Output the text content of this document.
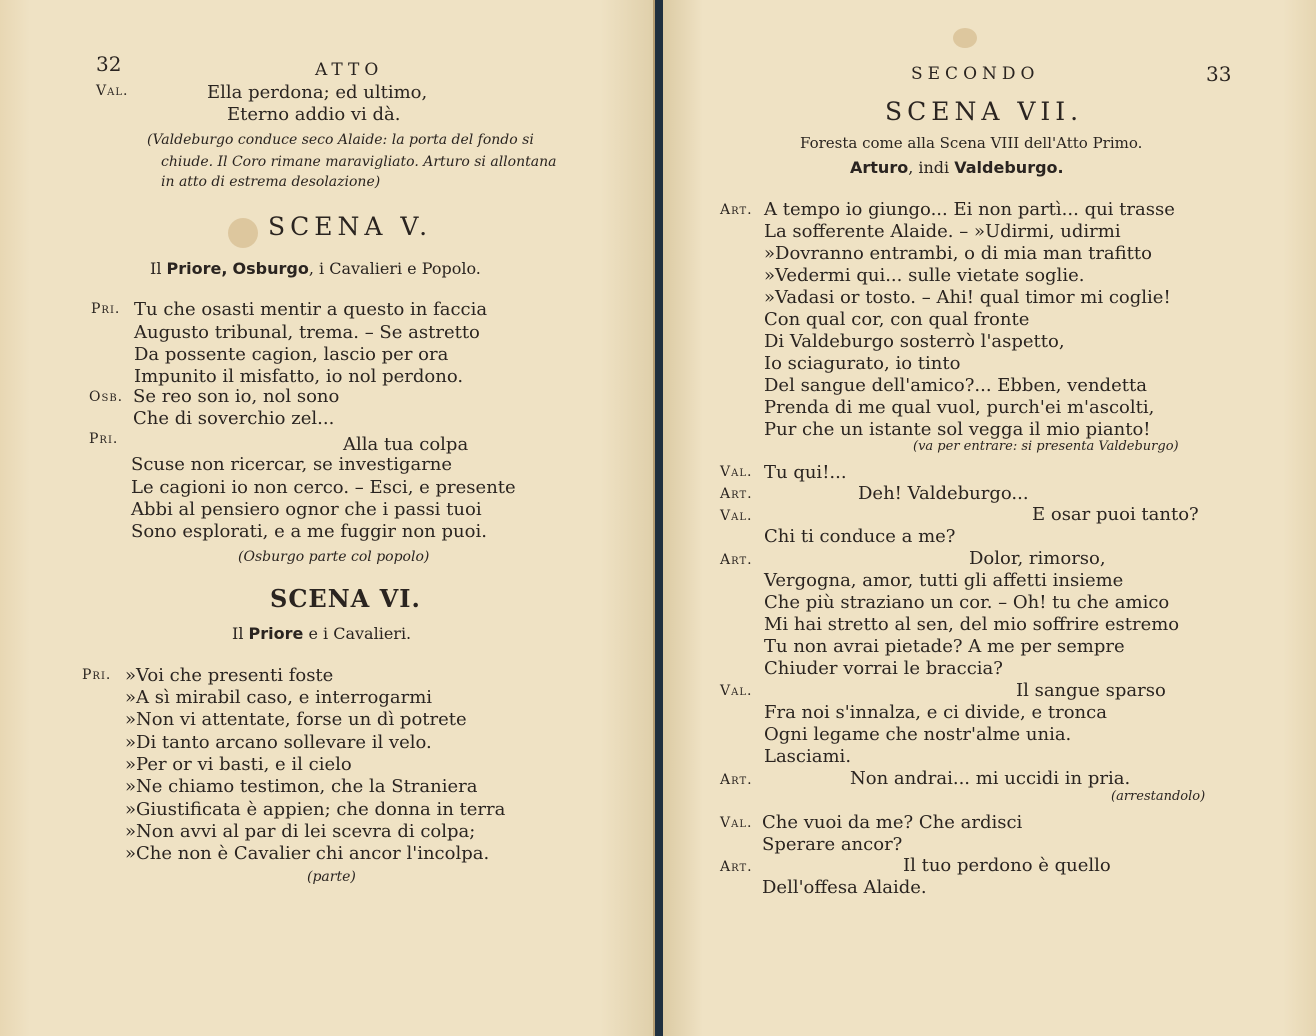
32	ATTO
Val.	Ella perdona; ed ultimo,
Eterno addio vi dà.
(Valdeburgo conduce seco Alaide: la porta del fondo si
chiude. Il Coro rimane maravigliato. Arturo si allontana
in atto di estrema desolazione)
SCENA V.
Il Priore, Osburgo, i Cavalieri e Popolo.
Pri. Tu che osasti mentir a questo in faccia
Augusto tribunal, trema. – Se astretto
Da possente cagion, lascio per ora
Impunito il misfatto, io nol perdono.
Osb. Se reo son io, nol sono
Che di soverchio zel...
Pri.	Alla tua colpa
Scuse non ricercar, se investigarne
Le cagioni io non cerco. – Esci, e presente
Abbi al pensiero ognor che i passi tuoi
Sono esplorati, e a me fuggir non puoi.
(Osburgo parte col popolo)
SCENA VI.
Il Priore e i Cavalieri.
Pri. »Voi che presenti foste
»A sì mirabil caso, e interrogarmi
»Non vi attentate, forse un dì potrete
»Di tanto arcano sollevare il velo.
»Per or vi basti, e il cielo
»Ne chiamo testimon, che la Straniera
»Giustificata è appien; che donna in terra
»Non avvi al par di lei scevra di colpa;
»Che non è Cavalier chi ancor l'incolpa.
(parte)
SECONDO	33
SCENA VII.
Foresta come alla Scena VIII dell'Atto Primo.
Arturo, indi Valdeburgo.
Art. A tempo io giungo... Ei non partì... qui trasse
La sofferente Alaide. – »Udirmi, udirmi
»Dovranno entrambi, o di mia man trafitto
»Vedermi qui... sulle vietate soglie.
»Vadasi or tosto. – Ahi! qual timor mi coglie!
Con qual cor, con qual fronte
Di Valdeburgo sosterrò l'aspetto,
Io sciagurato, io tinto
Del sangue dell'amico?... Ebben, vendetta
Prenda di me qual vuol, purch'ei m'ascolti,
Pur che un istante sol vegga il mio pianto!
(va per entrare: si presenta Valdeburgo)
Val. Tu qui!...
Art.	Deh! Valdeburgo...
Val.	E osar puoi tanto?
Chi ti conduce a me?
Art.	Dolor, rimorso,
Vergogna, amor, tutti gli affetti insieme
Che più straziano un cor. – Oh! tu che amico
Mi hai stretto al sen, del mio soffrire estremo
Tu non avrai pietade? A me per sempre
Chiuder vorrai le braccia?
Val.	Il sangue sparso
Fra noi s'innalza, e ci divide, e tronca
Ogni legame che nostr'alme unia.
Lasciami.
Art.	Non andrai... mi uccidi in pria.
(arrestandolo)
Val. Che vuoi da me? Che ardisci
Sperare ancor?
Art.	Il tuo perdono è quello
Dell'offesa Alaide.
